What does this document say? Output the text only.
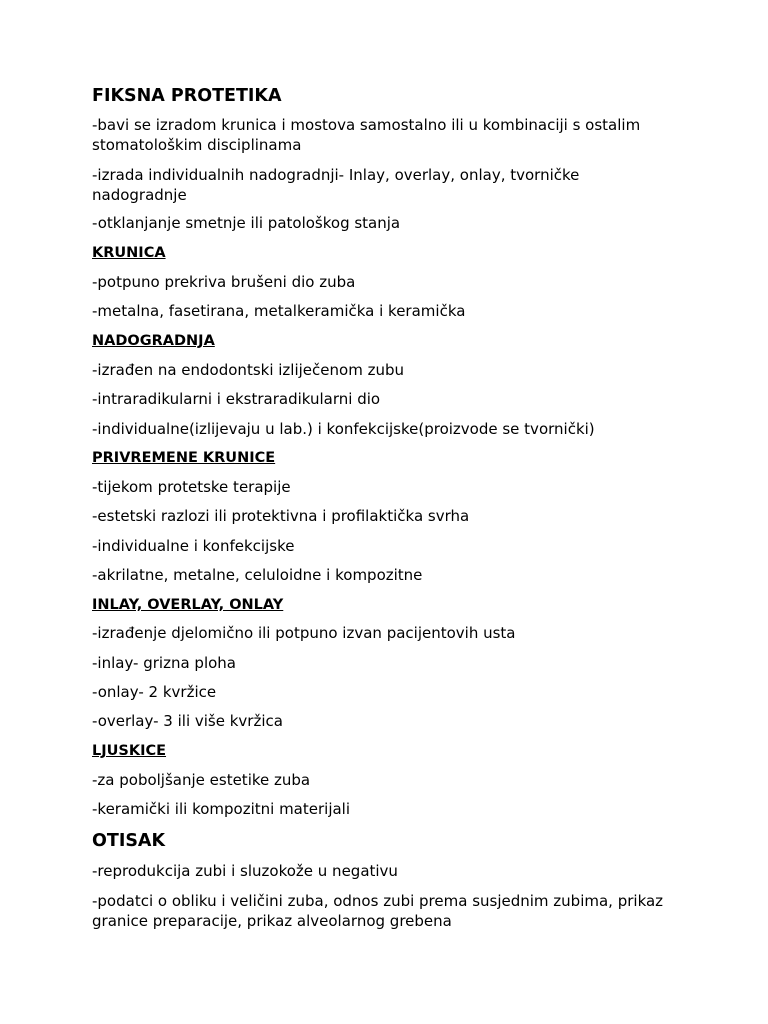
FIKSNA PROTETIKA
-bavi se izradom krunica i mostova samostalno ili u kombinaciji s ostalim stomatološkim disciplinama
-izrada individualnih nadogradnji- Inlay, overlay, onlay, tvorničke nadogradnje
-otklanjanje smetnje ili patološkog stanja
KRUNICA
-potpuno prekriva brušeni dio zuba
-metalna, fasetirana, metalkeramička i keramička
NADOGRADNJA
-izrađen na endodontski izliječenom zubu
-intraradikularni i ekstraradikularni dio
-individualne(izlijevaju u lab.) i konfekcijske(proizvode se tvornički)
PRIVREMENE KRUNICE
-tijekom protetske terapije
-estetski razlozi ili protektivna i profilaktička svrha
-individualne i konfekcijske
-akrilatne, metalne, celuloidne i kompozitne
INLAY, OVERLAY, ONLAY
-izrađenje djelomično ili potpuno izvan pacijentovih usta
-inlay- grizna ploha
-onlay- 2 kvržice
-overlay- 3 ili više kvržica
LJUSKICE
-za poboljšanje estetike zuba
-keramički ili kompozitni materijali
OTISAK
-reprodukcija zubi i sluzokože u negativu
-podatci o obliku i veličini zuba, odnos zubi prema susjednim zubima, prikaz granice preparacije, prikaz alveolarnog grebena
